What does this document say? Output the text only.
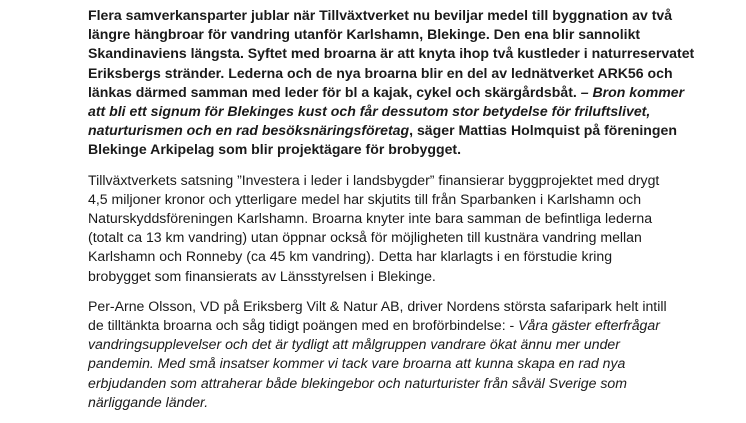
Flera samverkansparter jublar när Tillväxtverket nu beviljar medel till byggnation av två
längre hängbroar för vandring utanför Karlshamn, Blekinge. Den ena blir sannolikt
Skandinaviens längsta. Syftet med broarna är att knyta ihop två kustleder i naturreservatet
Eriksbergs stränder. Lederna och de nya broarna blir en del av lednätverket ARK56 och
länkas därmed samman med leder för bl a kajak, cykel och skärgårdsbåt. – Bron kommer
att bli ett signum för Blekinges kust och får dessutom stor betydelse för friluftslivet,
naturturismen och en rad besöksnäringsföretag, säger Mattias Holmquist på föreningen
Blekinge Arkipelag som blir projektägare för brobygget.

Tillväxtverkets satsning ”Investera i leder i landsbygder” finansierar byggprojektet med drygt
4,5 miljoner kronor och ytterligare medel har skjutits till från Sparbanken i Karlshamn och
Naturskyddsföreningen Karlshamn. Broarna knyter inte bara samman de befintliga lederna
(totalt ca 13 km vandring) utan öppnar också för möjligheten till kustnära vandring mellan
Karlshamn och Ronneby (ca 45 km vandring). Detta har klarlagts i en förstudie kring
brobygget som finansierats av Länsstyrelsen i Blekinge.

Per-Arne Olsson, VD på Eriksberg Vilt & Natur AB, driver Nordens största safaripark helt intill
de tilltänkta broarna och såg tidigt poängen med en broförbindelse: - Våra gäster efterfrågar
vandringsupplevelser och det är tydligt att målgruppen vandrare ökat ännu mer under
pandemin. Med små insatser kommer vi tack vare broarna att kunna skapa en rad nya
erbjudanden som attraherar både blekingebor och naturturister från såväl Sverige som
närliggande länder.
